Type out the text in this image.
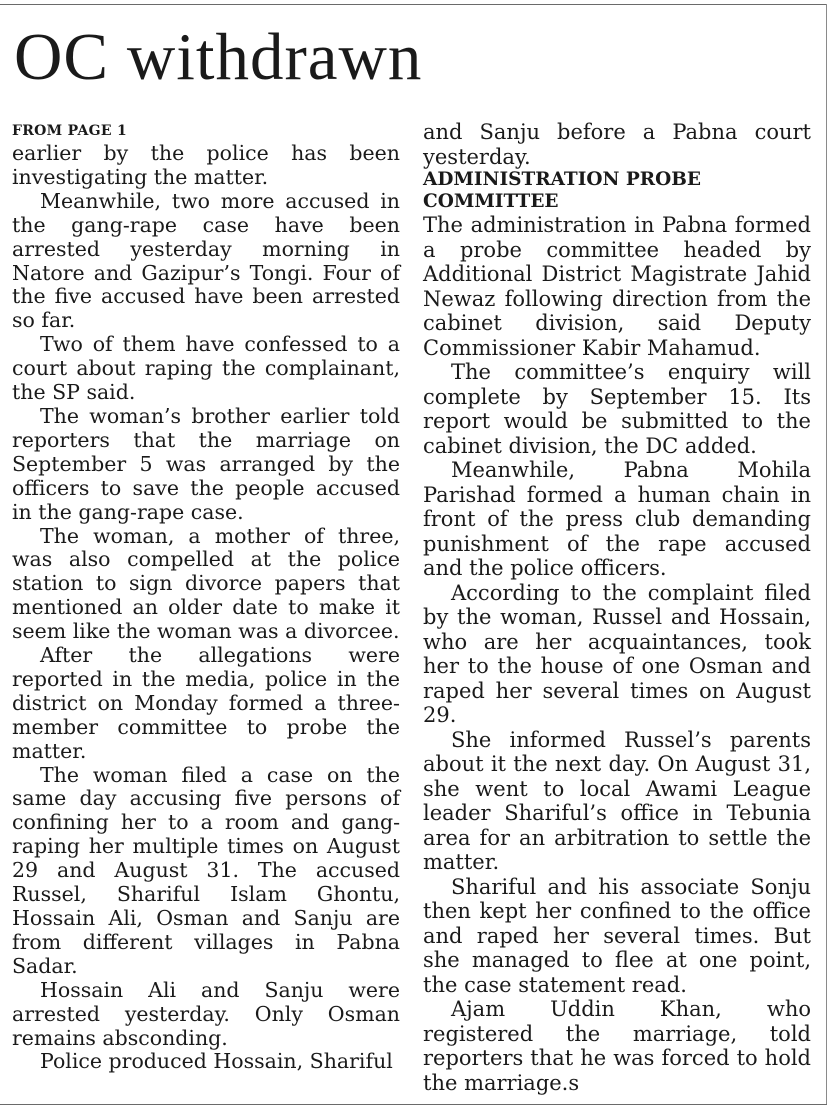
OC withdrawn
FROM PAGE 1

earlier by the police has been investigating the matter.

Meanwhile, two more accused in the gang-rape case have been arrested yesterday morning in Natore and Gazipur’s Tongi. Four of the five accused have been arrested so far.

Two of them have confessed to a court about raping the complainant, the SP said.

The woman’s brother earlier told reporters that the marriage on September 5 was arranged by the officers to save the people accused in the gang-rape case.

The woman, a mother of three, was also compelled at the police station to sign divorce papers that mentioned an older date to make it seem like the woman was a divorcee.

After the allegations were reported in the media, police in the district on Monday formed a three-member committee to probe the matter.

The woman filed a case on the same day accusing five persons of confining her to a room and gang-raping her multiple times on August 29 and August 31. The accused Russel, Shariful Islam Ghontu, Hossain Ali, Osman and Sanju are from different villages in Pabna Sadar.

Hossain Ali and Sanju were arrested yesterday. Only Osman remains absconding.

Police produced Hossain, Shariful

and Sanju before a Pabna court yesterday.

ADMINISTRATION PROBE COMMITTEE

The administration in Pabna formed a probe committee headed by Additional District Magistrate Jahid Newaz following direction from the cabinet division, said Deputy Commissioner Kabir Mahamud.

The committee’s enquiry will complete by September 15. Its report would be submitted to the cabinet division, the DC added.

Meanwhile, Pabna Mohila Parishad formed a human chain in front of the press club demanding punishment of the rape accused and the police officers.

According to the complaint filed by the woman, Russel and Hossain, who are her acquaintances, took her to the house of one Osman and raped her several times on August 29.

She informed Russel’s parents about it the next day. On August 31, she went to local Awami League leader Shariful’s office in Tebunia area for an arbitration to settle the matter.

Shariful and his associate Sonju then kept her confined to the office and raped her several times. But she managed to flee at one point, the case statement read.

Ajam Uddin Khan, who registered the marriage, told reporters that he was forced to hold the marriage.s
